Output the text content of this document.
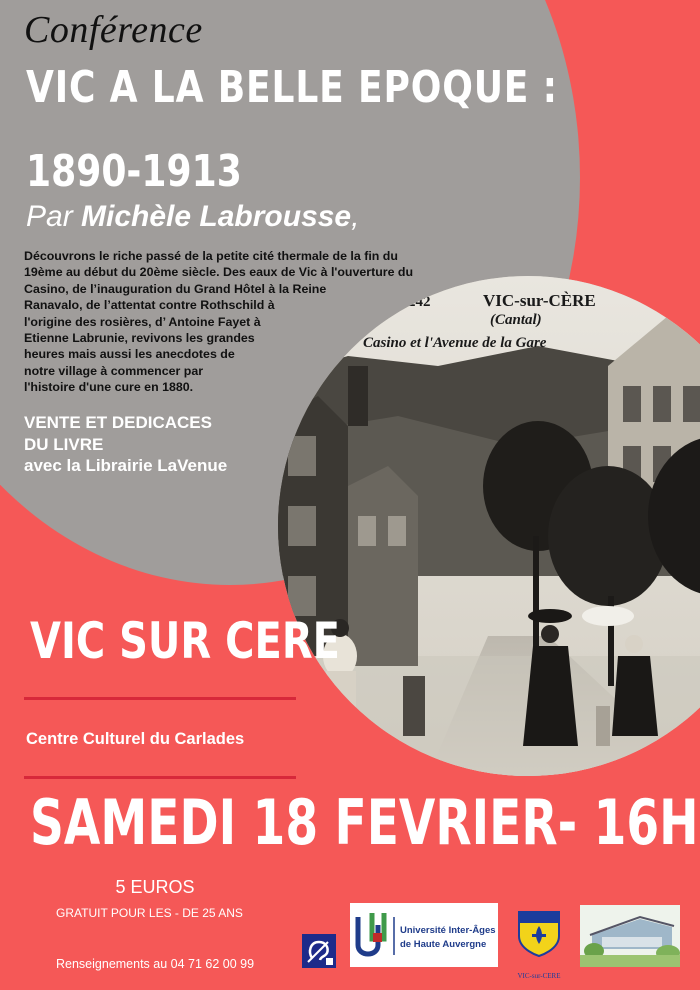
242	VIC-sur-CÈRE
(Cantal)
Casino et l'Avenue de la Gare
Conférence
VIC A LA BELLE EPOQUE :
1890-1913
Par Michèle Labrousse,
Découvrons le riche passé de la petite cité thermale de la fin du
19ème au début du 20ème siècle. Des eaux de Vic à l'ouverture du
Casino, de l’inauguration du Grand Hôtel à la Reine
Ranavalo, de l’attentat contre Rothschild à
l'origine des rosières, d’ Antoine Fayet à
Etienne Labrunie, revivons les grandes
heures mais aussi les anecdotes de
notre village à commencer par
l'histoire d'une cure en 1880.
VENTE ET DEDICACES
DU LIVRE
avec la Librairie LaVenue
VIC SUR CERE
Centre Culturel du Carlades
SAMEDI 18 FEVRIER- 16H
5 EUROS
GRATUIT POUR LES - DE 25 ANS
Renseignements au 04 71 62 00 99
Université Inter-Âges
de Haute Auvergne
VIC-sur-CERE
